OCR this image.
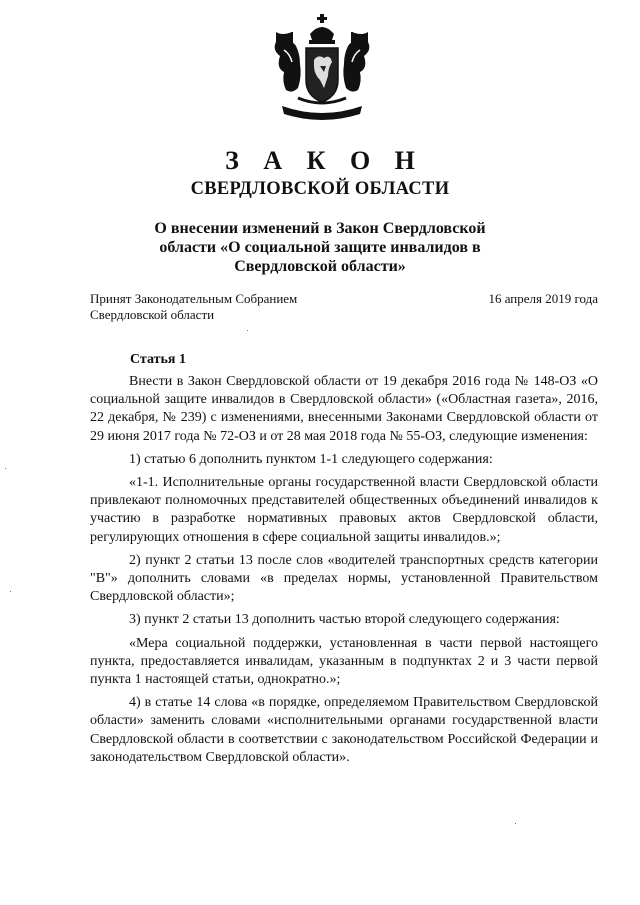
З А К О Н
СВЕРДЛОВСКОЙ ОБЛАСТИ
О внесении изменений в Закон Свердловской
области «О социальной защите инвалидов в
Свердловской области»
Принят Законодательным Собранием
Свердловской области
16 апреля 2019 года
Статья 1

Внести в Закон Свердловской области от 19 декабря 2016 года № 148-ОЗ «О социальной защите инвалидов в Свердловской области» («Областная газета», 2016, 22 декабря, № 239) с изменениями, внесенными Законами Свердловской области от 29 июня 2017 года № 72-ОЗ и от 28 мая 2018 года № 55-ОЗ, следующие изменения:

1) статью 6 дополнить пунктом 1-1 следующего содержания:

«1-1. Исполнительные органы государственной власти Свердловской области привлекают полномочных представителей общественных объединений инвалидов к участию в разработке нормативных правовых актов Свердловской области, регулирующих отношения в сфере социальной защиты инвалидов.»;

2) пункт 2 статьи 13 после слов «водителей транспортных средств категории "В"» дополнить словами «в пределах нормы, установленной Правительством Свердловской области»;

3) пункт 2 статьи 13 дополнить частью второй следующего содержания:

«Мера социальной поддержки, установленная в части первой настоящего пункта, предоставляется инвалидам, указанным в подпунктах 2 и 3 части первой пункта 1 настоящей статьи, однократно.»;

4) в статье 14 слова «в порядке, определяемом Правительством Свердловской области» заменить словами «исполнительными органами государственной власти Свердловской области в соответствии с законодательством Российской Федерации и законодательством Свердловской области».
